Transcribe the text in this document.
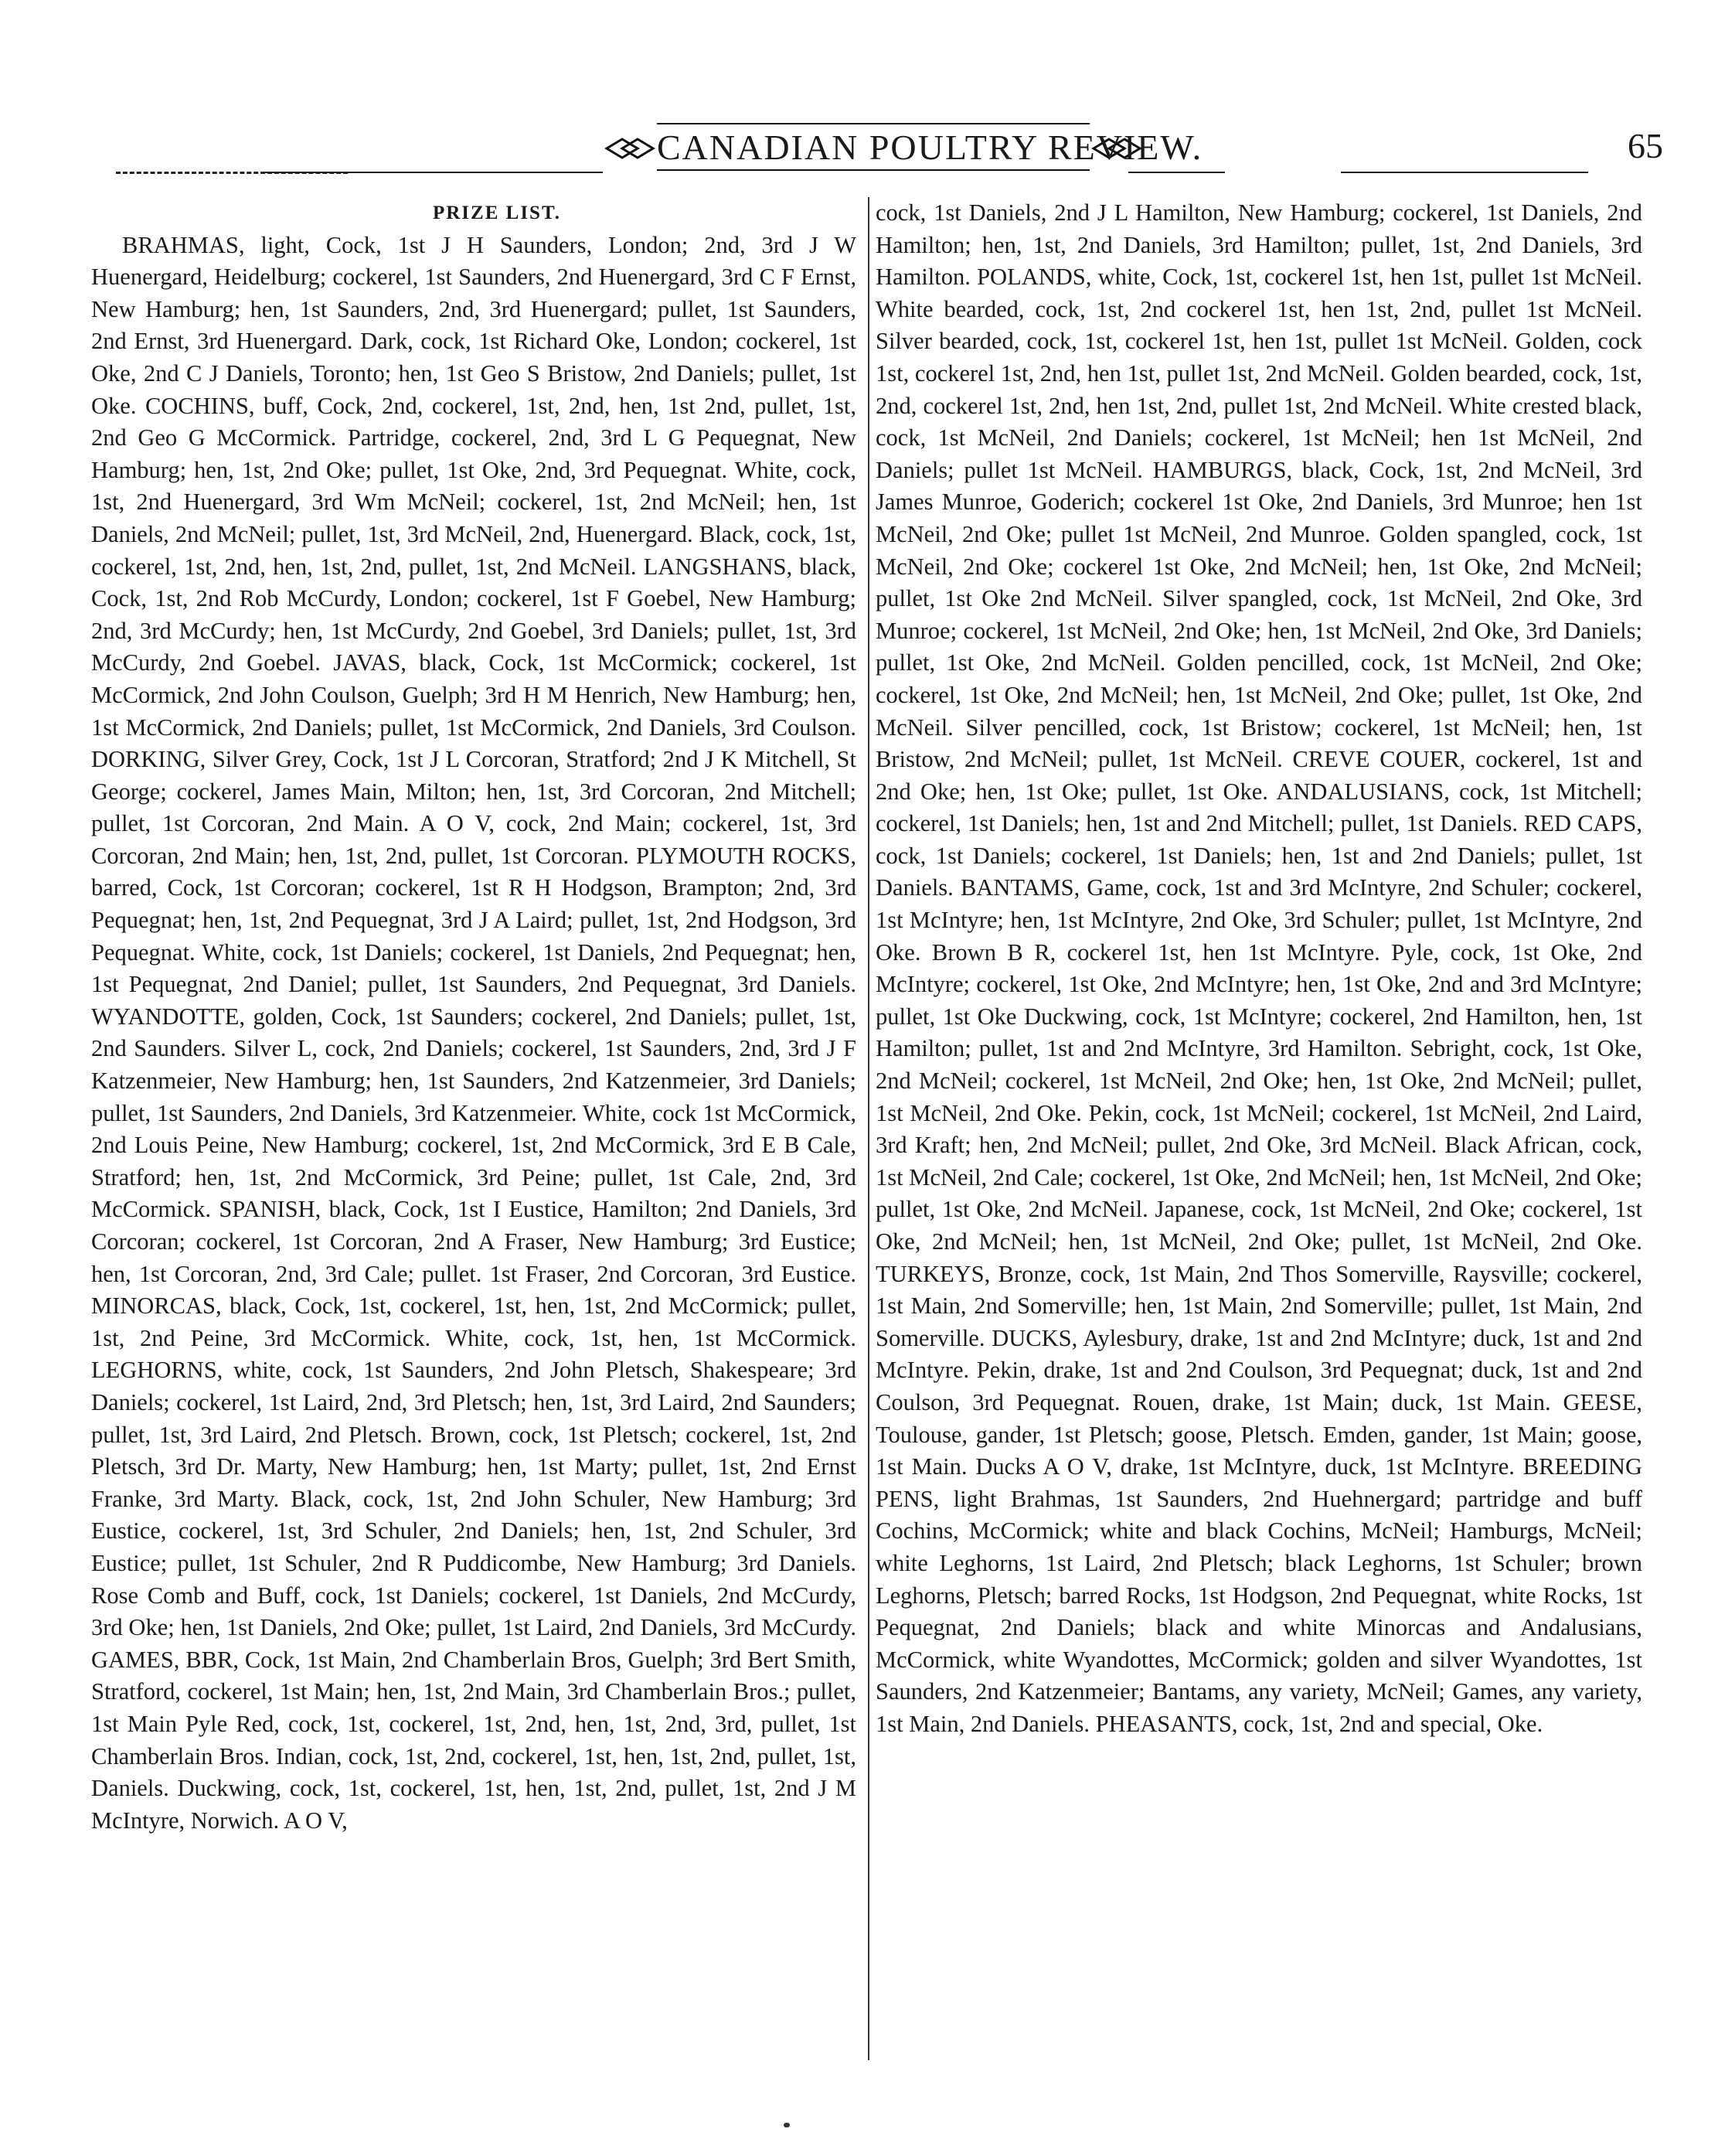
CANADIAN POULTRY REVIEW.	65
PRIZE LIST.

BRAHMAS, light, Cock, 1st J H Saunders, London; 2nd, 3rd J W Huenergard, Heidelburg; cockerel, 1st Saunders, 2nd Huenergard, 3rd C F Ernst, New Hamburg; hen, 1st Saunders, 2nd, 3rd Huenergard; pullet, 1st Saunders, 2nd Ernst, 3rd Huenergard. Dark, cock, 1st Richard Oke, London; cockerel, 1st Oke, 2nd C J Daniels, Toronto; hen, 1st Geo S Bristow, 2nd Daniels; pullet, 1st Oke. COCHINS, buff, Cock, 2nd, cockerel, 1st, 2nd, hen, 1st 2nd, pullet, 1st, 2nd Geo G McCormick. Partridge, cockerel, 2nd, 3rd L G Pequegnat, New Hamburg; hen, 1st, 2nd Oke; pullet, 1st Oke, 2nd, 3rd Pequegnat. White, cock, 1st, 2nd Huenergard, 3rd Wm McNeil; cockerel, 1st, 2nd McNeil; hen, 1st Daniels, 2nd McNeil; pullet, 1st, 3rd McNeil, 2nd, Huenergard. Black, cock, 1st, cockerel, 1st, 2nd, hen, 1st, 2nd, pullet, 1st, 2nd McNeil. LANGSHANS, black, Cock, 1st, 2nd Rob McCurdy, London; cockerel, 1st F Goebel, New Hamburg; 2nd, 3rd McCurdy; hen, 1st McCurdy, 2nd Goebel, 3rd Daniels; pullet, 1st, 3rd McCurdy, 2nd Goebel. JAVAS, black, Cock, 1st McCormick; cockerel, 1st McCormick, 2nd John Coulson, Guelph; 3rd H M Henrich, New Hamburg; hen, 1st McCormick, 2nd Daniels; pullet, 1st McCormick, 2nd Daniels, 3rd Coulson. DORKING, Silver Grey, Cock, 1st J L Corcoran, Stratford; 2nd J K Mitchell, St George; cockerel, James Main, Milton; hen, 1st, 3rd Corcoran, 2nd Mitchell; pullet, 1st Corcoran, 2nd Main. A O V, cock, 2nd Main; cockerel, 1st, 3rd Corcoran, 2nd Main; hen, 1st, 2nd, pullet, 1st Corcoran. PLYMOUTH ROCKS, barred, Cock, 1st Corcoran; cockerel, 1st R H Hodgson, Brampton; 2nd, 3rd Pequegnat; hen, 1st, 2nd Pequegnat, 3rd J A Laird; pullet, 1st, 2nd Hodgson, 3rd Pequegnat. White, cock, 1st Daniels; cockerel, 1st Daniels, 2nd Pequegnat; hen, 1st Pequegnat, 2nd Daniel; pullet, 1st Saunders, 2nd Pequegnat, 3rd Daniels. WYANDOTTE, golden, Cock, 1st Saunders; cockerel, 2nd Daniels; pullet, 1st, 2nd Saunders. Silver L, cock, 2nd Daniels; cockerel, 1st Saunders, 2nd, 3rd J F Katzenmeier, New Hamburg; hen, 1st Saunders, 2nd Katzenmeier, 3rd Daniels; pullet, 1st Saunders, 2nd Daniels, 3rd Katzenmeier. White, cock 1st McCormick, 2nd Louis Peine, New Hamburg; cockerel, 1st, 2nd McCormick, 3rd E B Cale, Stratford; hen, 1st, 2nd McCormick, 3rd Peine; pullet, 1st Cale, 2nd, 3rd McCormick. SPANISH, black, Cock, 1st I Eustice, Hamilton; 2nd Daniels, 3rd Corcoran; cockerel, 1st Corcoran, 2nd A Fraser, New Hamburg; 3rd Eustice; hen, 1st Corcoran, 2nd, 3rd Cale; pullet. 1st Fraser, 2nd Corcoran, 3rd Eustice. MINORCAS, black, Cock, 1st, cockerel, 1st, hen, 1st, 2nd McCormick; pullet, 1st, 2nd Peine, 3rd McCormick. White, cock, 1st, hen, 1st McCormick. LEGHORNS, white, cock, 1st Saunders, 2nd John Pletsch, Shakespeare; 3rd Daniels; cockerel, 1st Laird, 2nd, 3rd Pletsch; hen, 1st, 3rd Laird, 2nd Saunders; pullet, 1st, 3rd Laird, 2nd Pletsch. Brown, cock, 1st Pletsch; cockerel, 1st, 2nd Pletsch, 3rd Dr. Marty, New Hamburg; hen, 1st Marty; pullet, 1st, 2nd Ernst Franke, 3rd Marty. Black, cock, 1st, 2nd John Schuler, New Hamburg; 3rd Eustice, cockerel, 1st, 3rd Schuler, 2nd Daniels; hen, 1st, 2nd Schuler, 3rd Eustice; pullet, 1st Schuler, 2nd R Puddicombe, New Hamburg; 3rd Daniels. Rose Comb and Buff, cock, 1st Daniels; cockerel, 1st Daniels, 2nd McCurdy, 3rd Oke; hen, 1st Daniels, 2nd Oke; pullet, 1st Laird, 2nd Daniels, 3rd McCurdy. GAMES, BBR, Cock, 1st Main, 2nd Chamberlain Bros, Guelph; 3rd Bert Smith, Stratford, cockerel, 1st Main; hen, 1st, 2nd Main, 3rd Chamberlain Bros.; pullet, 1st Main Pyle Red, cock, 1st, cockerel, 1st, 2nd, hen, 1st, 2nd, 3rd, pullet, 1st Chamberlain Bros. Indian, cock, 1st, 2nd, cockerel, 1st, hen, 1st, 2nd, pullet, 1st, Daniels. Duckwing, cock, 1st, cockerel, 1st, hen, 1st, 2nd, pullet, 1st, 2nd J M McIntyre, Norwich. A O V,

cock, 1st Daniels, 2nd J L Hamilton, New Hamburg; cockerel, 1st Daniels, 2nd Hamilton; hen, 1st, 2nd Daniels, 3rd Hamilton; pullet, 1st, 2nd Daniels, 3rd Hamilton. POLANDS, white, Cock, 1st, cockerel 1st, hen 1st, pullet 1st McNeil. White bearded, cock, 1st, 2nd cockerel 1st, hen 1st, 2nd, pullet 1st McNeil. Silver bearded, cock, 1st, cockerel 1st, hen 1st, pullet 1st McNeil. Golden, cock 1st, cockerel 1st, 2nd, hen 1st, pullet 1st, 2nd McNeil. Golden bearded, cock, 1st, 2nd, cockerel 1st, 2nd, hen 1st, 2nd, pullet 1st, 2nd McNeil. White crested black, cock, 1st McNeil, 2nd Daniels; cockerel, 1st McNeil; hen 1st McNeil, 2nd Daniels; pullet 1st McNeil. HAMBURGS, black, Cock, 1st, 2nd McNeil, 3rd James Munroe, Goderich; cockerel 1st Oke, 2nd Daniels, 3rd Munroe; hen 1st McNeil, 2nd Oke; pullet 1st McNeil, 2nd Munroe. Golden spangled, cock, 1st McNeil, 2nd Oke; cockerel 1st Oke, 2nd McNeil; hen, 1st Oke, 2nd McNeil; pullet, 1st Oke 2nd McNeil. Silver spangled, cock, 1st McNeil, 2nd Oke, 3rd Munroe; cockerel, 1st McNeil, 2nd Oke; hen, 1st McNeil, 2nd Oke, 3rd Daniels; pullet, 1st Oke, 2nd McNeil. Golden pencilled, cock, 1st McNeil, 2nd Oke; cockerel, 1st Oke, 2nd McNeil; hen, 1st McNeil, 2nd Oke; pullet, 1st Oke, 2nd McNeil. Silver pencilled, cock, 1st Bristow; cockerel, 1st McNeil; hen, 1st Bristow, 2nd McNeil; pullet, 1st McNeil. CREVE COUER, cockerel, 1st and 2nd Oke; hen, 1st Oke; pullet, 1st Oke. ANDALUSIANS, cock, 1st Mitchell; cockerel, 1st Daniels; hen, 1st and 2nd Mitchell; pullet, 1st Daniels. RED CAPS, cock, 1st Daniels; cockerel, 1st Daniels; hen, 1st and 2nd Daniels; pullet, 1st Daniels. BANTAMS, Game, cock, 1st and 3rd McIntyre, 2nd Schuler; cockerel, 1st McIntyre; hen, 1st McIntyre, 2nd Oke, 3rd Schuler; pullet, 1st McIntyre, 2nd Oke. Brown B R, cockerel 1st, hen 1st McIntyre. Pyle, cock, 1st Oke, 2nd McIntyre; cockerel, 1st Oke, 2nd McIntyre; hen, 1st Oke, 2nd and 3rd McIntyre; pullet, 1st Oke Duckwing, cock, 1st McIntyre; cockerel, 2nd Hamilton, hen, 1st Hamilton; pullet, 1st and 2nd McIntyre, 3rd Hamilton. Sebright, cock, 1st Oke, 2nd McNeil; cockerel, 1st McNeil, 2nd Oke; hen, 1st Oke, 2nd McNeil; pullet, 1st McNeil, 2nd Oke. Pekin, cock, 1st McNeil; cockerel, 1st McNeil, 2nd Laird, 3rd Kraft; hen, 2nd McNeil; pullet, 2nd Oke, 3rd McNeil. Black African, cock, 1st McNeil, 2nd Cale; cockerel, 1st Oke, 2nd McNeil; hen, 1st McNeil, 2nd Oke; pullet, 1st Oke, 2nd McNeil. Japanese, cock, 1st McNeil, 2nd Oke; cockerel, 1st Oke, 2nd McNeil; hen, 1st McNeil, 2nd Oke; pullet, 1st McNeil, 2nd Oke. TURKEYS, Bronze, cock, 1st Main, 2nd Thos Somerville, Raysville; cockerel, 1st Main, 2nd Somerville; hen, 1st Main, 2nd Somerville; pullet, 1st Main, 2nd Somerville. DUCKS, Aylesbury, drake, 1st and 2nd McIntyre; duck, 1st and 2nd McIntyre. Pekin, drake, 1st and 2nd Coulson, 3rd Pequegnat; duck, 1st and 2nd Coulson, 3rd Pequegnat. Rouen, drake, 1st Main; duck, 1st Main. GEESE, Toulouse, gander, 1st Pletsch; goose, Pletsch. Emden, gander, 1st Main; goose, 1st Main. Ducks A O V, drake, 1st McIntyre, duck, 1st McIntyre. BREEDING PENS, light Brahmas, 1st Saunders, 2nd Huehnergard; partridge and buff Cochins, McCormick; white and black Cochins, McNeil; Hamburgs, McNeil; white Leghorns, 1st Laird, 2nd Pletsch; black Leghorns, 1st Schuler; brown Leghorns, Pletsch; barred Rocks, 1st Hodgson, 2nd Pequegnat, white Rocks, 1st Pequegnat, 2nd Daniels; black and white Minorcas and Andalusians, McCormick, white Wyandottes, McCormick; golden and silver Wyandottes, 1st Saunders, 2nd Katzenmeier; Bantams, any variety, McNeil; Games, any variety, 1st Main, 2nd Daniels. PHEASANTS, cock, 1st, 2nd and special, Oke.
